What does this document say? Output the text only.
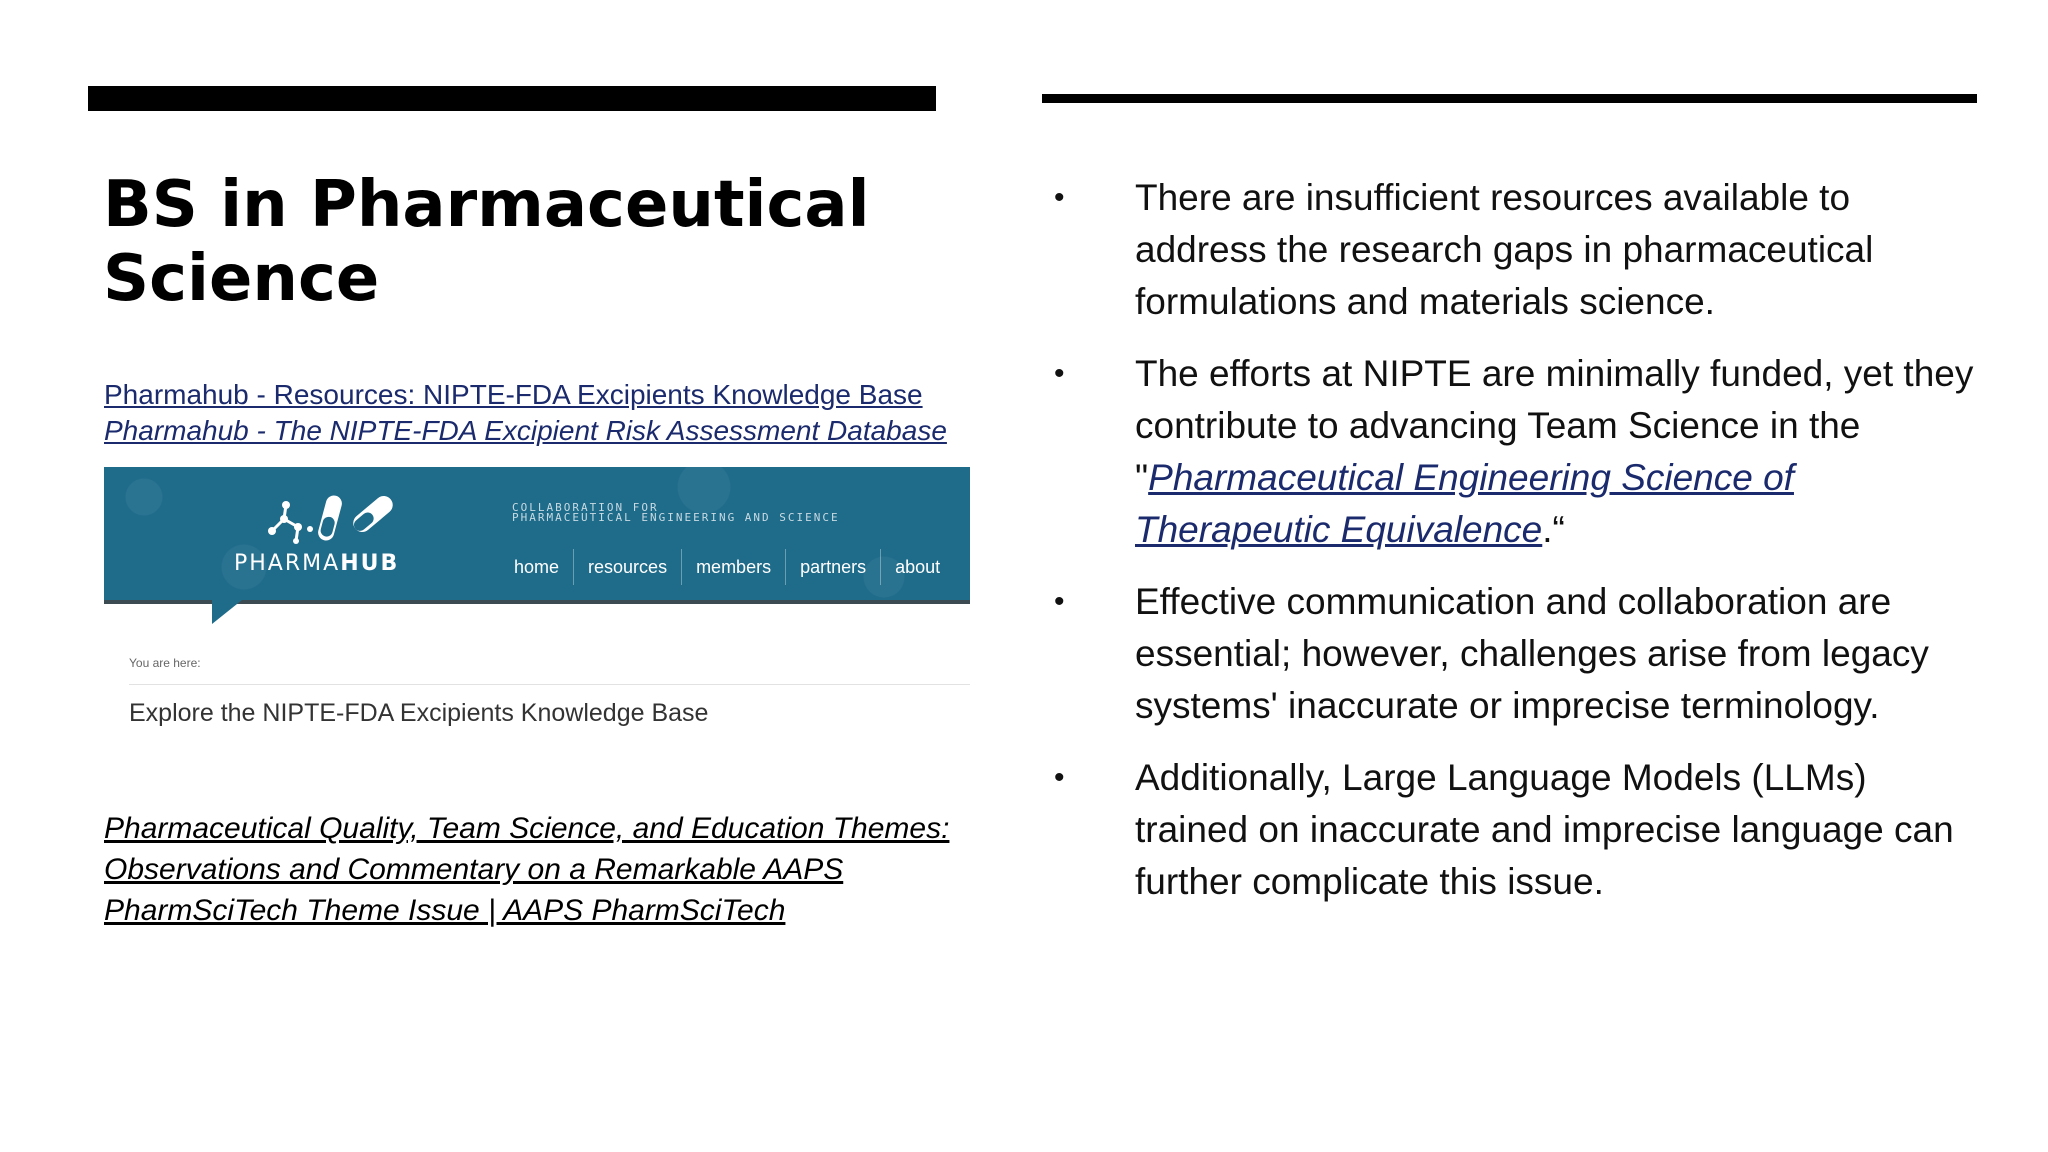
BS in Pharmaceutical Science
Pharmahub - Resources: NIPTE-FDA Excipients Knowledge Base
Pharmahub - The NIPTE-FDA Excipient Risk Assessment Database
PHARMAHUB
COLLABORATION FOR
PHARMACEUTICAL ENGINEERING AND SCIENCE
home	resources	members	partners	about
You are here:
Explore the NIPTE-FDA Excipients Knowledge Base

Pharmaceutical Quality, Team Science, and Education Themes: Observations and Commentary on a Remarkable AAPS PharmSciTech Theme Issue | AAPS PharmSciTech

• There are insufficient resources available to address the research gaps in pharmaceutical formulations and materials science.
• The efforts at NIPTE are minimally funded, yet they contribute to advancing Team Science in the "Pharmaceutical Engineering Science of Therapeutic Equivalence.“
• Effective communication and collaboration are essential; however, challenges arise from legacy systems' inaccurate or imprecise terminology.
• Additionally, Large Language Models (LLMs) trained on inaccurate and imprecise language can further complicate this issue.
